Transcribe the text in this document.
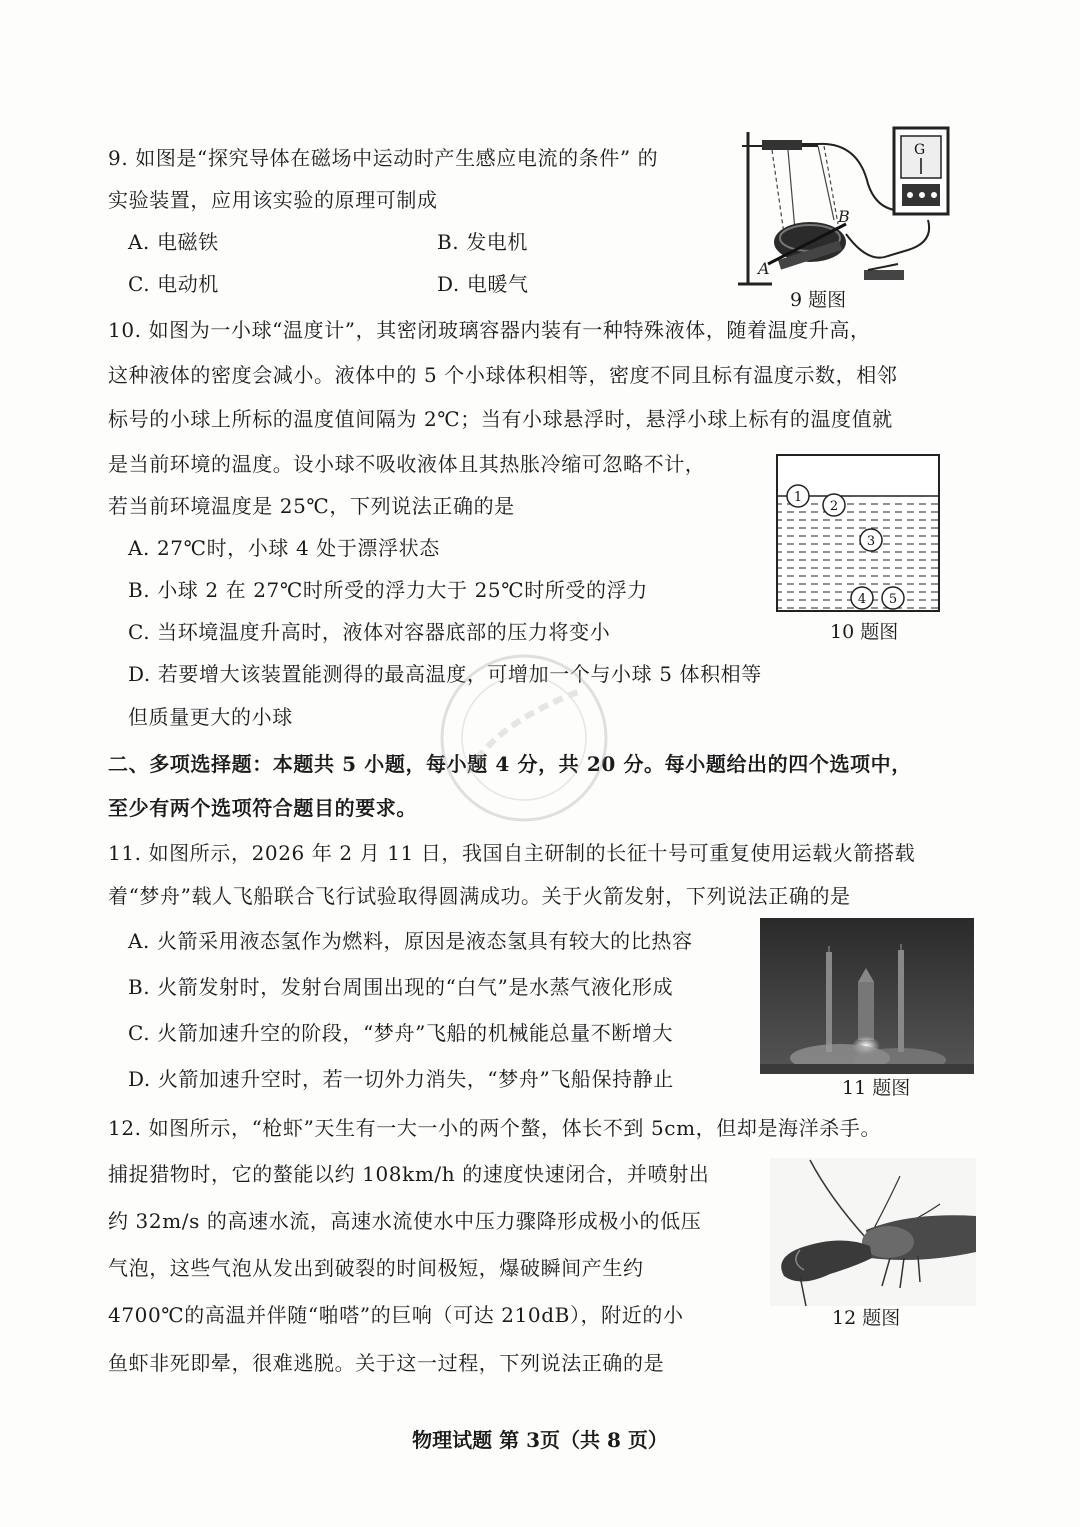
9. 如图是“探究导体在磁场中运动时产生感应电流的条件” 的
实验装置，应用该实验的原理可制成
A. 电磁铁	B. 发电机
C. 电动机	D. 电暖气
A
B
G
9 题图
10. 如图为一小球“温度计”，其密闭玻璃容器内装有一种特殊液体，随着温度升高，
这种液体的密度会减小。液体中的 5 个小球体积相等，密度不同且标有温度示数，相邻
标号的小球上所标的温度值间隔为 2℃；当有小球悬浮时，悬浮小球上标有的温度值就
是当前环境的温度。设小球不吸收液体且其热胀冷缩可忽略不计，
若当前环境温度是 25℃，下列说法正确的是
A. 27℃时，小球 4 处于漂浮状态
B. 小球 2 在 27℃时所受的浮力大于 25℃时所受的浮力
C. 当环境温度升高时，液体对容器底部的压力将变小
D. 若要增大该装置能测得的最高温度，可增加一个与小球 5 体积相等
但质量更大的小球
1
2
3
4 5
10 题图
二、多项选择题：本题共 5 小题，每小题 4 分，共 20 分。每小题给出的四个选项中，
至少有两个选项符合题目的要求。
11. 如图所示，2026 年 2 月 11 日，我国自主研制的长征十号可重复使用运载火箭搭载
着“梦舟”载人飞船联合飞行试验取得圆满成功。关于火箭发射，下列说法正确的是
A. 火箭采用液态氢作为燃料，原因是液态氢具有较大的比热容
B. 火箭发射时，发射台周围出现的“白气”是水蒸气液化形成
C. 火箭加速升空的阶段，“梦舟”飞船的机械能总量不断增大
D. 火箭加速升空时，若一切外力消失，“梦舟”飞船保持静止	11 题图
12. 如图所示，“枪虾”天生有一大一小的两个螯，体长不到 5cm，但却是海洋杀手。
捕捉猎物时，它的螯能以约 108km/h 的速度快速闭合，并喷射出
约 32m/s 的高速水流，高速水流使水中压力骤降形成极小的低压
气泡，这些气泡从发出到破裂的时间极短，爆破瞬间产生约
4700℃的高温并伴随“啪嗒”的巨响（可达 210dB），附近的小
鱼虾非死即晕，很难逃脱。关于这一过程，下列说法正确的是
12 题图
物理试题 第 3页（共 8 页）
